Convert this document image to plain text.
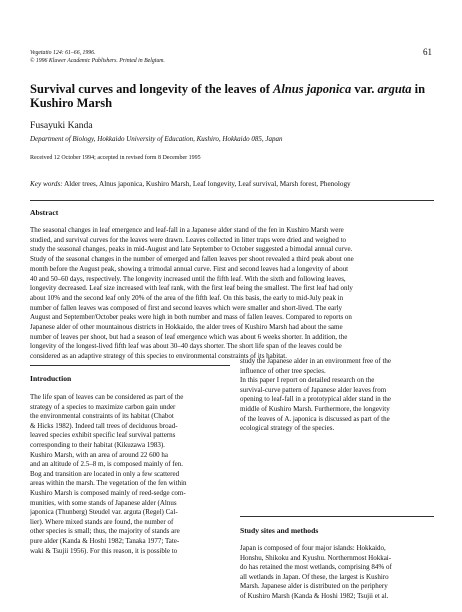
Vegetatio 124: 61–66, 1996.
© 1996 Kluwer Academic Publishers. Printed in Belgium.
61
Survival curves and longevity of the leaves of Alnus japonica var. arguta in Kushiro Marsh
Fusayuki Kanda
Department of Biology, Hokkaido University of Education, Kushiro, Hokkaido 085, Japan
Received 12 October 1994; accepted in revised form 8 December 1995
Key words: Alder trees, Alnus japonica, Kushiro Marsh, Leaf longevity, Leaf survival, Marsh forest, Phenology
Abstract
The seasonal changes in leaf emergence and leaf-fall in a Japanese alder stand of the fen in Kushiro Marsh were
studied, and survival curves for the leaves were drawn. Leaves collected in litter traps were dried and weighed to
study the seasonal changes, peaks in mid-August and late September to October suggested a bimodal annual curve.
Study of the seasonal changes in the number of emerged and fallen leaves per shoot revealed a third peak about one
month before the August peak, showing a trimodal annual curve. First and second leaves had a longevity of about
40 and 50–60 days, respectively. The longevity increased until the fifth leaf. With the sixth and following leaves,
longevity decreased. Leaf size increased with leaf rank, with the first leaf being the smallest. The first leaf had only
about 10% and the second leaf only 20% of the area of the fifth leaf. On this basis, the early to mid-July peak in
number of fallen leaves was composed of first and second leaves which were smaller and short-lived. The early
August and September/October peaks were high in both number and mass of fallen leaves. Compared to reports on
Japanese alder of other mountainous districts in Hokkaido, the alder trees of Kushiro Marsh had about the same
number of leaves per shoot, but had a season of leaf emergence which was about 6 weeks shorter. In addition, the
longevity of the longest-lived fifth leaf was about 30–40 days shorter. The short life span of the leaves could be
considered as an adaptive strategy of this species to environmental constraints of its habitat.
Introduction
The life span of leaves can be considered as part of the
strategy of a species to maximize carbon gain under
the environmental constraints of its habitat (Chabot
& Hicks 1982). Indeed tall trees of deciduous broad-
leaved species exhibit specific leaf survival patterns
corresponding to their habitat (Kikuzawa 1983).
Kushiro Marsh, with an area of around 22 600 ha
and an altitude of 2.5–8 m, is composed mainly of fen.
Bog and transition are located in only a few scattered
areas within the marsh. The vegetation of the fen within
Kushiro Marsh is composed mainly of reed-sedge com-
munities, with some stands of Japanese alder (Alnus
japonica (Thunberg) Steudel var. arguta (Regel) Cal-
lier). Where mixed stands are found, the number of
other species is small; thus, the majority of stands are
pure alder (Kanda & Hoshi 1982; Tanaka 1977; Tate-
waki & Tsujii 1956). For this reason, it is possible to
study the Japanese alder in an environment free of the
influence of other tree species.
In this paper I report on detailed research on the
survival-curve pattern of Japanese alder leaves from
opening to leaf-fall in a prototypical alder stand in the
middle of Kushiro Marsh. Furthermore, the longevity
of the leaves of A. japonica is discussed as part of the
ecological strategy of the species.
Study sites and methods
Japan is composed of four major islands: Hokkaido,
Honshu, Shikoku and Kyushu. Northernmost Hokkai-
do has retained the most wetlands, comprising 84% of
all wetlands in Japan. Of these, the largest is Kushiro
Marsh. Japanese alder is distributed on the periphery
of Kushiro Marsh (Kanda & Hoshi 1982; Tsujii et al.
